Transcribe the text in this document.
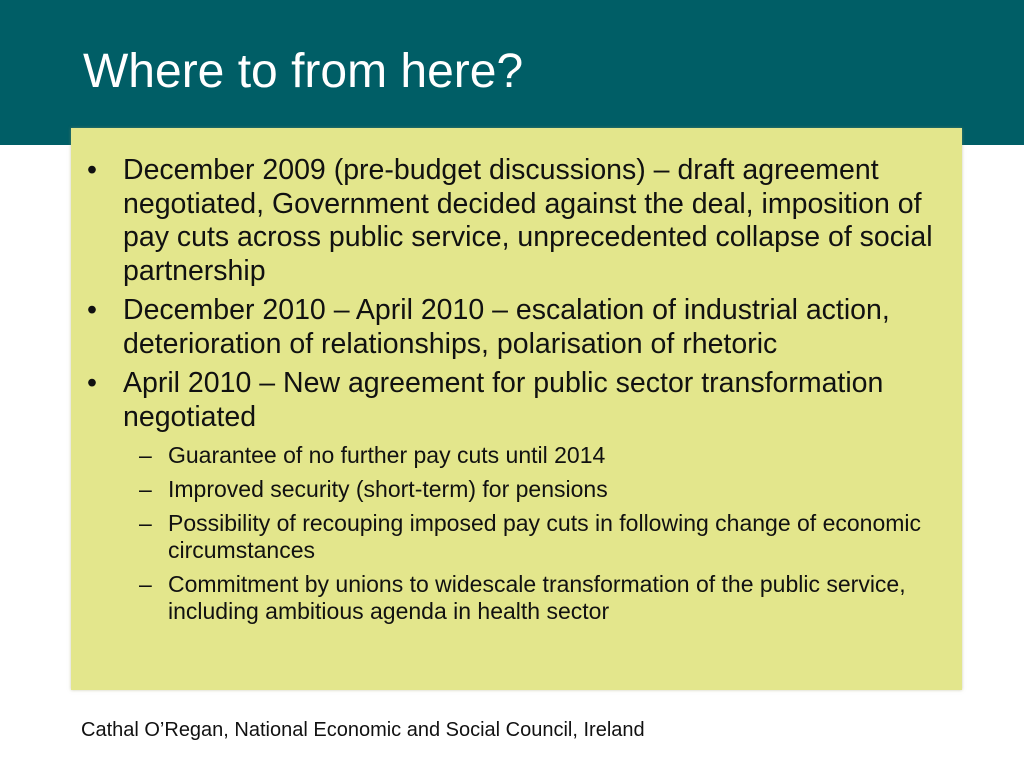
Where to from here?
• December 2009 (pre-budget discussions) – draft agreement negotiated, Government decided against the deal, imposition of pay cuts across public service, unprecedented collapse of social partnership
• December 2010 – April 2010 – escalation of industrial action, deterioration of relationships, polarisation of rhetoric
• April 2010 – New agreement for public sector transformation negotiated
– Guarantee of no further pay cuts until 2014
– Improved security (short-term) for pensions
– Possibility of recouping imposed pay cuts in following change of economic circumstances
– Commitment by unions to widescale transformation of the public service, including ambitious agenda in health sector
Cathal O’Regan, National Economic and Social Council, Ireland
